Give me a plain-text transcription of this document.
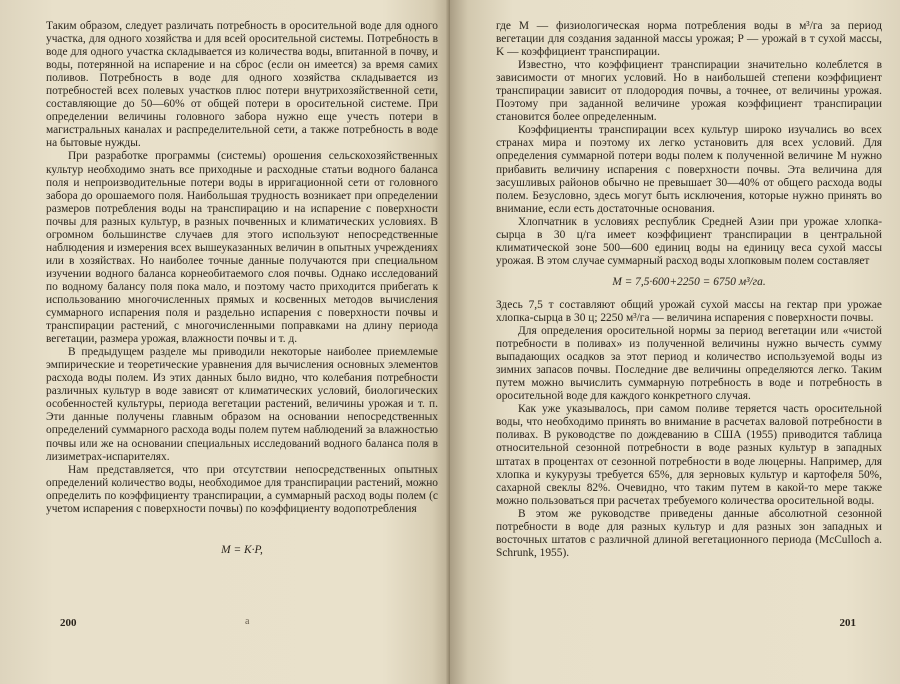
Таким образом, следует различать потребность в оросительной воде для одного участка, для одного хозяйства и для всей оросительной системы. Потребность в воде для одного участка складывается из количества воды, впитанной в почву, и воды, потерянной на испарение и на сброс (если он имеется) за время самих поливов. Потребность в воде для одного хозяйства складывается из потребностей всех полевых участков плюс потери внутрихозяйственной сети, составляющие до 50—60% от общей потери в оросительной системе. При определении величины головного забора нужно еще учесть потери в магистральных каналах и распределительной сети, а также потребность в воде на бытовые нужды.

При разработке программы (системы) орошения сельскохозяйственных культур необходимо знать все приходные и расходные статьи водного баланса поля и непроизводительные потери воды в ирригационной сети от головного забора до орошаемого поля. Наибольшая трудность возникает при определении размеров потребления воды на транспирацию и на испарение с поверхности почвы для разных культур, в разных почвенных и климатических условиях. В огромном большинстве случаев для этого используют непосредственные наблюдения и измерения всех вышеуказанных величин в опытных учреждениях или в хозяйствах. Но наиболее точные данные получаются при специальном изучении водного баланса корнеобитаемого слоя почвы. Однако исследований по водному балансу поля пока мало, и поэтому часто приходится прибегать к использованию многочисленных прямых и косвенных методов вычисления суммарного испарения поля и раздельно испарения с поверхности почвы и транспирации растений, с многочисленными поправками на длину периода вегетации, размера урожая, влажности почвы и т. д.

В предыдущем разделе мы приводили некоторые наиболее приемлемые эмпирические и теоретические уравнения для вычисления основных элементов расхода воды полем. Из этих данных было видно, что колебания потребности различных культур в воде зависят от климатических условий, биологических особенностей культуры, периода вегетации растений, величины урожая и т. п. Эти данные получены главным образом на основании непосредственных определений суммарного расхода воды полем путем наблюдений за влажностью почвы или же на основании специальных исследований водного баланса поля в лизиметрах-испарителях.

Нам представляется, что при отсутствии непосредственных опытных определений количество воды, необходимое для транспирации растений, можно определить по коэффициенту транспирации, а суммарный расход воды полем (с учетом испарения с поверхности почвы) по коэффициенту водопотребления

M = K·P,
a
200

где M — физиологическая норма потребления воды в м³/га за период вегетации для создания заданной массы урожая; P — урожай в т сухой массы, K — коэффициент транспирации.

Известно, что коэффициент транспирации значительно колеблется в зависимости от многих условий. Но в наибольшей степени коэффициент транспирации зависит от плодородия почвы, а точнее, от величины урожая. Поэтому при заданной величине урожая коэффициент транспирации становится более определенным.

Коэффициенты транспирации всех культур широко изучались во всех странах мира и поэтому их легко установить для всех условий. Для определения суммарной потери воды полем к полученной величине M нужно прибавить величину испарения с поверхности почвы. Эта величина для засушливых районов обычно не превышает 30—40% от общего расхода воды полем. Безусловно, здесь могут быть исключения, которые нужно принять во внимание, если есть достаточные основания.

Хлопчатник в условиях республик Средней Азии при урожае хлопка-сырца в 30 ц/га имеет коэффициент транспирации в центральной климатической зоне 500—600 единиц воды на единицу веса сухой массы урожая. В этом случае суммарный расход воды хлопковым полем составляет

M = 7,5·600+2250 = 6750 м³/га.

Здесь 7,5 т составляют общий урожай сухой массы на гектар при урожае хлопка-сырца в 30 ц; 2250 м³/га — величина испарения с поверхности почвы.

Для определения оросительной нормы за период вегетации или «чистой потребности в поливах» из полученной величины нужно вычесть сумму выпадающих осадков за этот период и количество используемой воды из зимних запасов почвы. Последние две величины определяются легко. Таким путем можно вычислить суммарную потребность в воде и потребность в оросительной воде для каждого конкретного случая.

Как уже указывалось, при самом поливе теряется часть оросительной воды, что необходимо принять во внимание в расчетах валовой потребности в поливах. В руководстве по дождеванию в США (1955) приводится таблица относительной сезонной потребности в воде разных культур в западных штатах в процентах от сезонной потребности в воде люцерны. Например, для хлопка и кукурузы требуется 65%, для зерновых культур и картофеля 50%, сахарной свеклы 82%. Очевидно, что таким путем в какой-то мере также можно пользоваться при расчетах требуемого количества оросительной воды.

В этом же руководстве приведены данные абсолютной сезонной потребности в воде для разных культур и для разных зон западных и восточных штатов с различной длиной вегетационного периода (McCulloch a. Schrunk, 1955).

201
